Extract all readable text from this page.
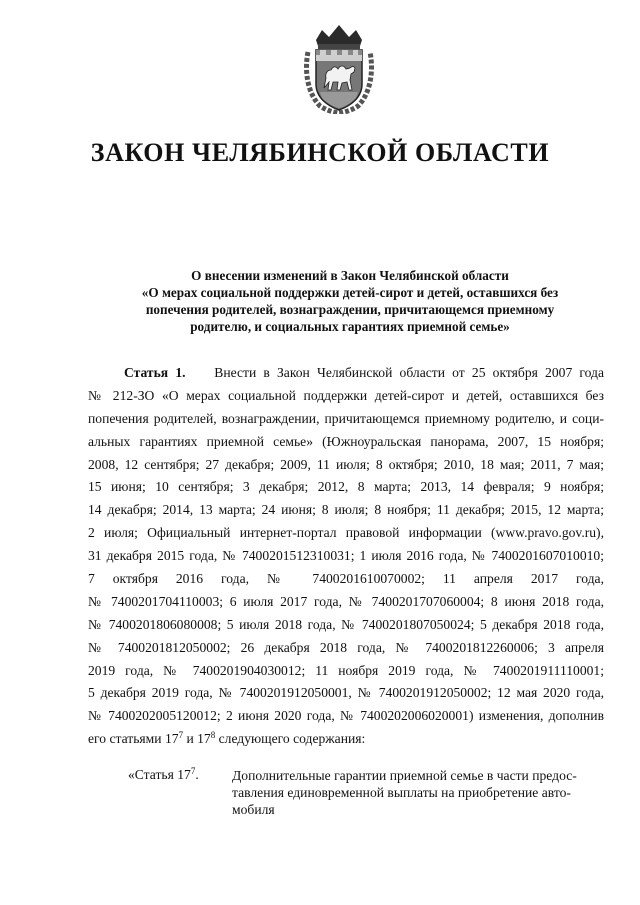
ЗАКОН ЧЕЛЯБИНСКОЙ ОБЛАСТИ
О внесении изменений в Закон Челябинской области
«О мерах социальной поддержки детей-сирот и детей, оставшихся без
попечения родителей, вознаграждении, причитающемся приемному
родителю, и социальных гарантиях приемной семье»
Статья 1. Внести в Закон Челябинской области от 25 октября 2007 года
№ 212-ЗО «О мерах социальной поддержки детей-сирот и детей, оставшихся без
попечения родителей, вознаграждении, причитающемся приемному родителю, и соци-
альных гарантиях приемной семье» (Южноуральская панорама, 2007, 15 ноября;
2008, 12 сентября; 27 декабря; 2009, 11 июля; 8 октября; 2010, 18 мая; 2011, 7 мая;
15 июня; 10 сентября; 3 декабря; 2012, 8 марта; 2013, 14 февраля; 9 ноября;
14 декабря; 2014, 13 марта; 24 июня; 8 июля; 8 ноября; 11 декабря; 2015, 12 марта;
2 июля; Официальный интернет-портал правовой информации (www.pravo.gov.ru),
31 декабря 2015 года, № 7400201512310031; 1 июля 2016 года, № 7400201607010010;
7 октября 2016 года, № 7400201610070002; 11 апреля 2017 года,
№ 7400201704110003; 6 июля 2017 года, № 7400201707060004; 8 июня 2018 года,
№ 7400201806080008; 5 июля 2018 года, № 7400201807050024; 5 декабря 2018 года,
№ 7400201812050002; 26 декабря 2018 года, № 7400201812260006; 3 апреля
2019 года, № 7400201904030012; 11 ноября 2019 года, № 7400201911110001;
5 декабря 2019 года, № 7400201912050001, № 7400201912050002; 12 мая 2020 года,
№ 7400202005120012; 2 июня 2020 года, № 7400202006020001) изменения, дополнив
его статьями $17^7$ и $17^8$ следующего содержания:
«Статья $17^7$. Дополнительные гарантии приемной семье в части предос-
тавления единовременной выплаты на приобретение авто-
мобиля
